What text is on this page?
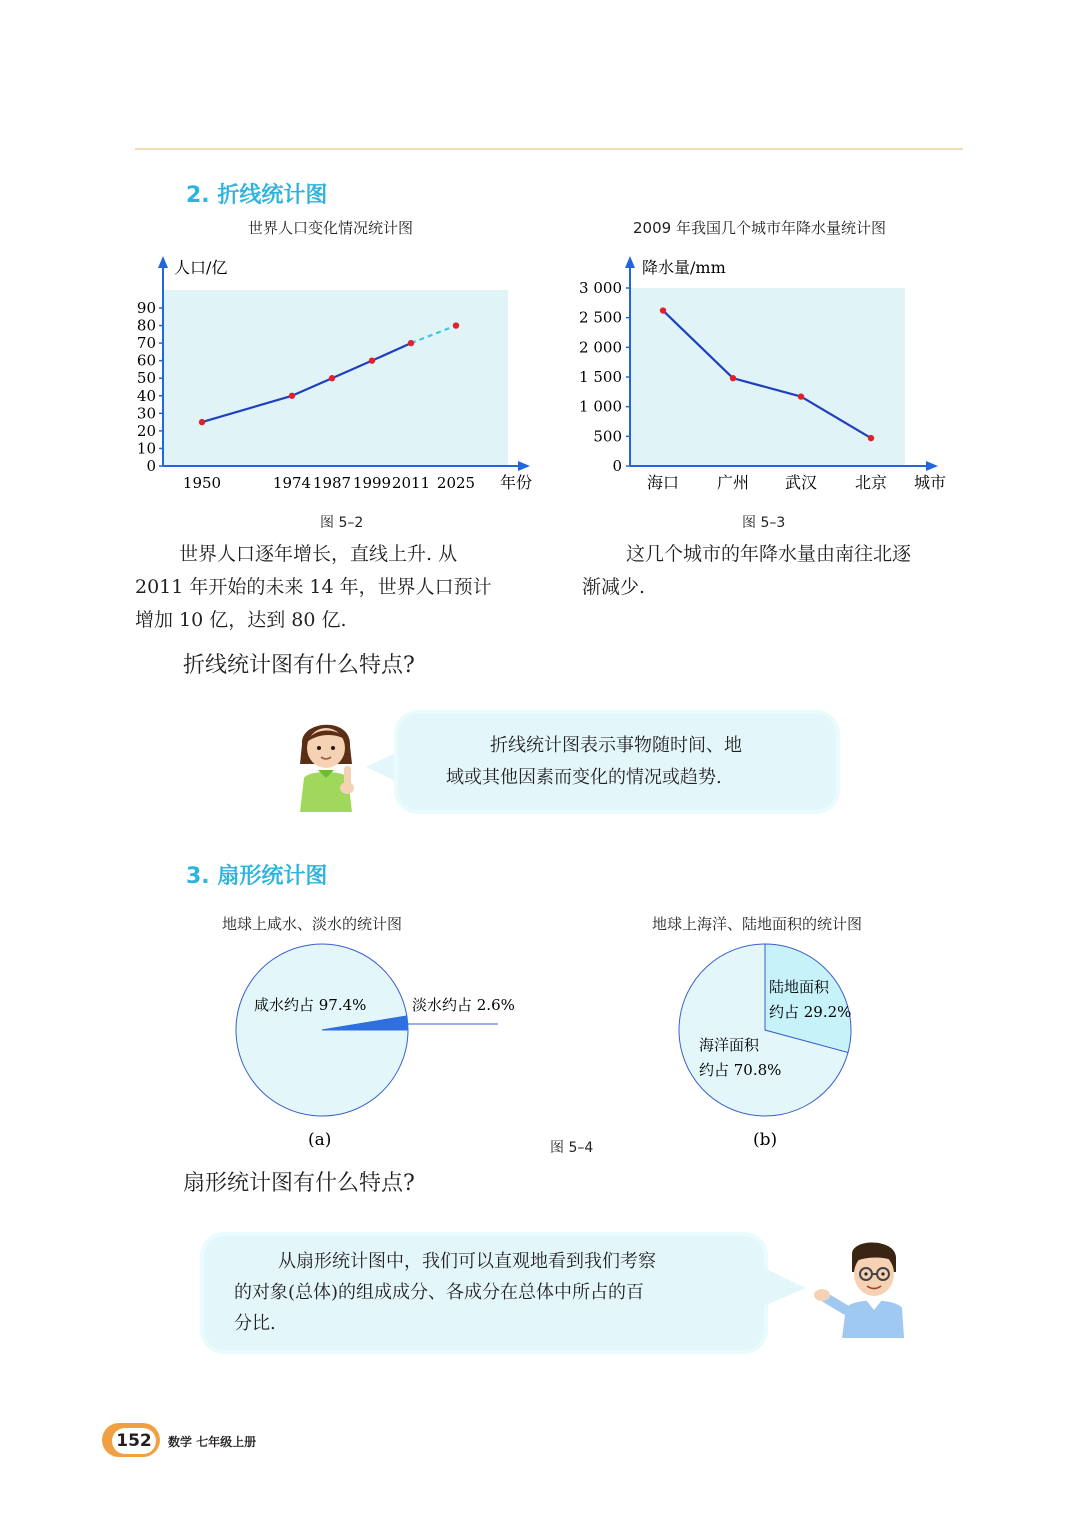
2. 折线统计图
世界人口变化情况统计图	2009 年我国几个城市年降水量统计图
人口/亿
年份
0
10
20
30
40
50
60
70
80
90
1950	1974 1987 1999 2011 2025
降水量/mm
城市
0
500
1 000
1 500
2 000
2 500
3 000
海口 广州 武汉 北京
图 5–2	图 5–3
世界人口逐年增长，直线上升. 从
2011 年开始的未来 14 年，世界人口预计
增加 10 亿，达到 80 亿.
这几个城市的年降水量由南往北逐
渐减少.
折线统计图有什么特点?
折线统计图表示事物随时间、地
域或其他因素而变化的情况或趋势.
3. 扇形统计图
地球上咸水、淡水的统计图	地球上海洋、陆地面积的统计图
咸水约占 97.4%	淡水约占 2.6%
(a)
陆地面积
约占 29.2%
海洋面积
约占 70.8%
(b)
图 5–4
扇形统计图有什么特点?
从扇形统计图中，我们可以直观地看到我们考察
的对象(总体)的组成成分、各成分在总体中所占的百
分比.
152	数学 七年级上册
